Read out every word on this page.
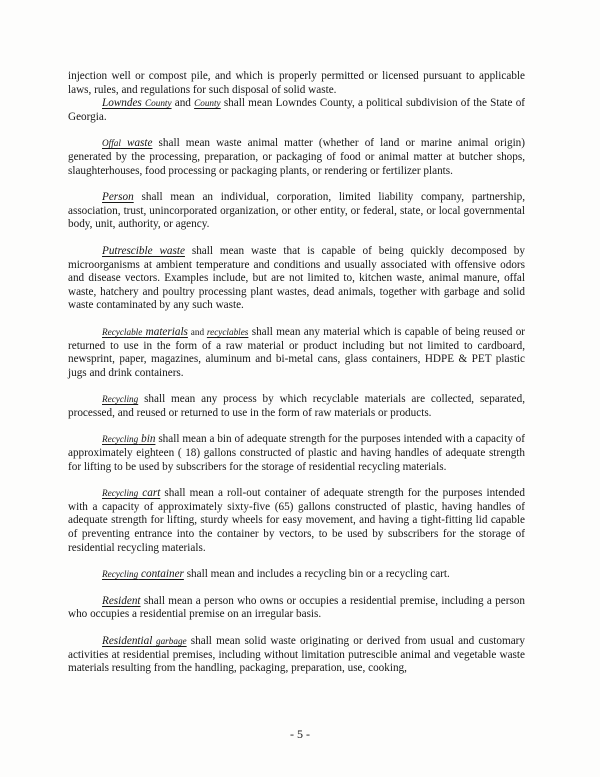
injection well or compost pile, and which is properly permitted or licensed pursuant to applicable laws, rules, and regulations for such disposal of solid waste.

Lowndes County and County shall mean Lowndes County, a political subdivision of the State of Georgia.

Offal waste shall mean waste animal matter (whether of land or marine animal origin) generated by the processing, preparation, or packaging of food or animal matter at butcher shops, slaughterhouses, food processing or packaging plants, or rendering or fertilizer plants.

Person shall mean an individual, corporation, limited liability company, partnership, association, trust, unincorporated organization, or other entity, or federal, state, or local governmental body, unit, authority, or agency.

Putrescible waste shall mean waste that is capable of being quickly decomposed by microorganisms at ambient temperature and conditions and usually associated with offensive odors and disease vectors. Examples include, but are not limited to, kitchen waste, animal manure, offal waste, hatchery and poultry processing plant wastes, dead animals, together with garbage and solid waste contaminated by any such waste.

Recyclable materials and recyclables shall mean any material which is capable of being reused or returned to use in the form of a raw material or product including but not limited to cardboard, newsprint, paper, magazines, aluminum and bi-metal cans, glass containers, HDPE & PET plastic jugs and drink containers.

Recycling shall mean any process by which recyclable materials are collected, separated, processed, and reused or returned to use in the form of raw materials or products.

Recycling bin shall mean a bin of adequate strength for the purposes intended with a capacity of approximately eighteen ( 18) gallons constructed of plastic and having handles of adequate strength for lifting to be used by subscribers for the storage of residential recycling materials.

Recycling cart shall mean a roll-out container of adequate strength for the purposes intended with a capacity of approximately sixty-five (65) gallons constructed of plastic, having handles of adequate strength for lifting, sturdy wheels for easy movement, and having a tight-fitting lid capable of preventing entrance into the container by vectors, to be used by subscribers for the storage of residential recycling materials.

Recycling container shall mean and includes a recycling bin or a recycling cart.

Resident shall mean a person who owns or occupies a residential premise, including a person who occupies a residential premise on an irregular basis.

Residential garbage shall mean solid waste originating or derived from usual and customary activities at residential premises, including without limitation putrescible animal and vegetable waste materials resulting from the handling, packaging, preparation, use, cooking,

- 5 -
